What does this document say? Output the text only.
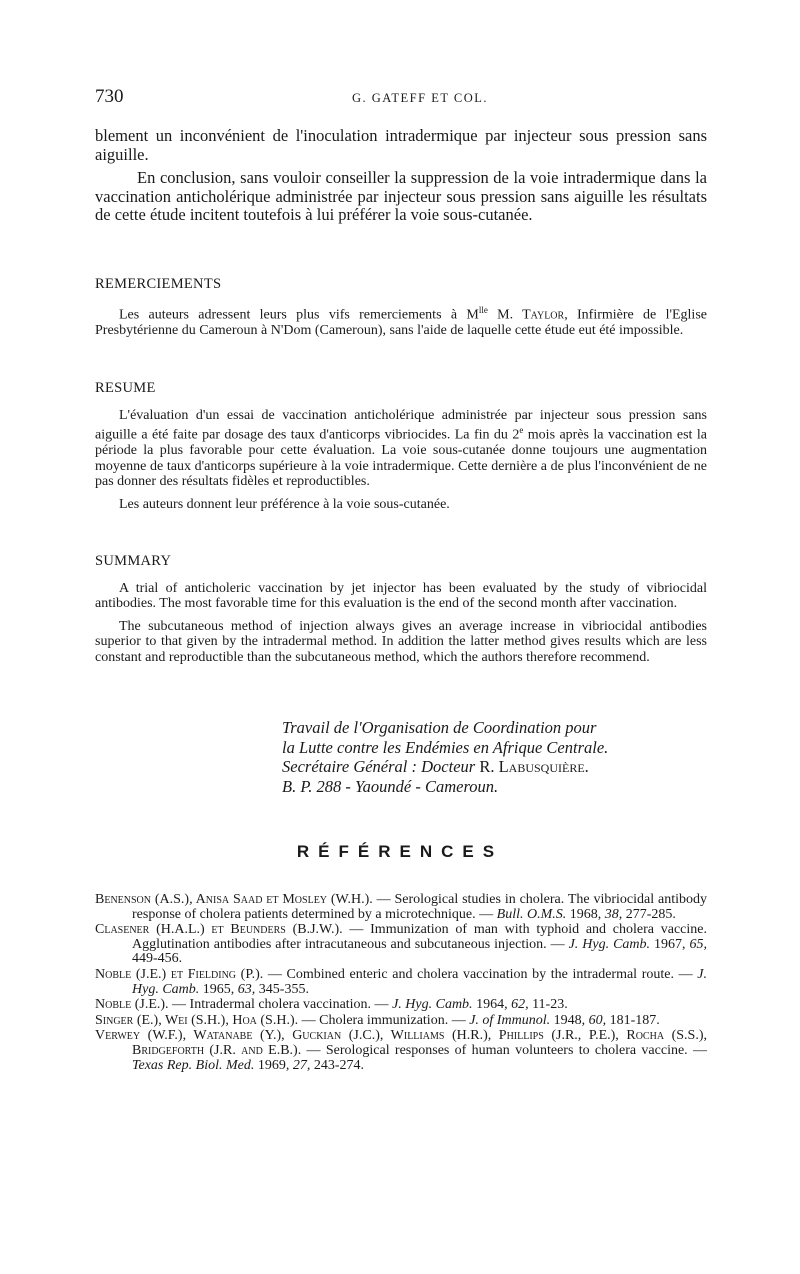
730	G. GATEFF ET COL.

blement un inconvénient de l'inoculation intradermique par injecteur sous pression sans aiguille.

En conclusion, sans vouloir conseiller la suppression de la voie intradermique dans la vaccination anticholérique administrée par injecteur sous pression sans aiguille les résultats de cette étude incitent toutefois à lui préférer la voie sous-cutanée.

REMERCIEMENTS

Les auteurs adressent leurs plus vifs remerciements à $M^{lle}$ M. Taylor, Infirmière de l'Eglise Presbytérienne du Cameroun à N'Dom (Cameroun), sans l'aide de laquelle cette étude eut été impossible.

RESUME

L'évaluation d'un essai de vaccination anticholérique administrée par injecteur sous pression sans aiguille a été faite par dosage des taux d'anticorps vibriocides. La fin du 2e mois après la vaccination est la période la plus favorable pour cette évaluation. La voie sous-cutanée donne toujours une augmentation moyenne de taux d'anticorps supérieure à la voie intradermique. Cette dernière a de plus l'inconvénient de ne pas donner des résultats fidèles et reproductibles.

Les auteurs donnent leur préférence à la voie sous-cutanée.

SUMMARY

A trial of anticholeric vaccination by jet injector has been evaluated by the study of vibriocidal antibodies. The most favorable time for this evaluation is the end of the second month after vaccination.

The subcutaneous method of injection always gives an average increase in vibriocidal antibodies superior to that given by the intradermal method. In addition the latter method gives results which are less constant and reproductible than the subcutaneous method, which the authors therefore recommend.

Travail de l'Organisation de Coordination pour
la Lutte contre les Endémies en Afrique Centrale.
Secrétaire Général : Docteur R. Labusquière.
B. P. 288 - Yaoundé - Cameroun.
RÉFÉRENCES
Benenson (A.S.), Anisa Saad et Mosley (W.H.). — Serological studies in cholera. The vibriocidal antibody response of cholera patients determined by a microtechnique. — Bull. O.M.S. 1968, 38, 277-285.
Clasener (H.A.L.) et Beunders (B.J.W.). — Immunization of man with typhoid and cholera vaccine. Agglutination antibodies after intracutaneous and subcutaneous injection. — J. Hyg. Camb. 1967, 65, 449-456.
Noble (J.E.) et Fielding (P.). — Combined enteric and cholera vaccination by the intradermal route. — J. Hyg. Camb. 1965, 63, 345-355.
Noble (J.E.). — Intradermal cholera vaccination. — J. Hyg. Camb. 1964, 62, 11-23.
Singer (E.), Wei (S.H.), Hoa (S.H.). — Cholera immunization. — J. of Immunol. 1948, 60, 181-187.
Verwey (W.F.), Watanabe (Y.), Guckian (J.C.), Williams (H.R.), Phillips (J.R., P.E.), Rocha (S.S.), Bridgeforth (J.R. and E.B.). — Serological responses of human volunteers to cholera vaccine. — Texas Rep. Biol. Med. 1969, 27, 243-274.
